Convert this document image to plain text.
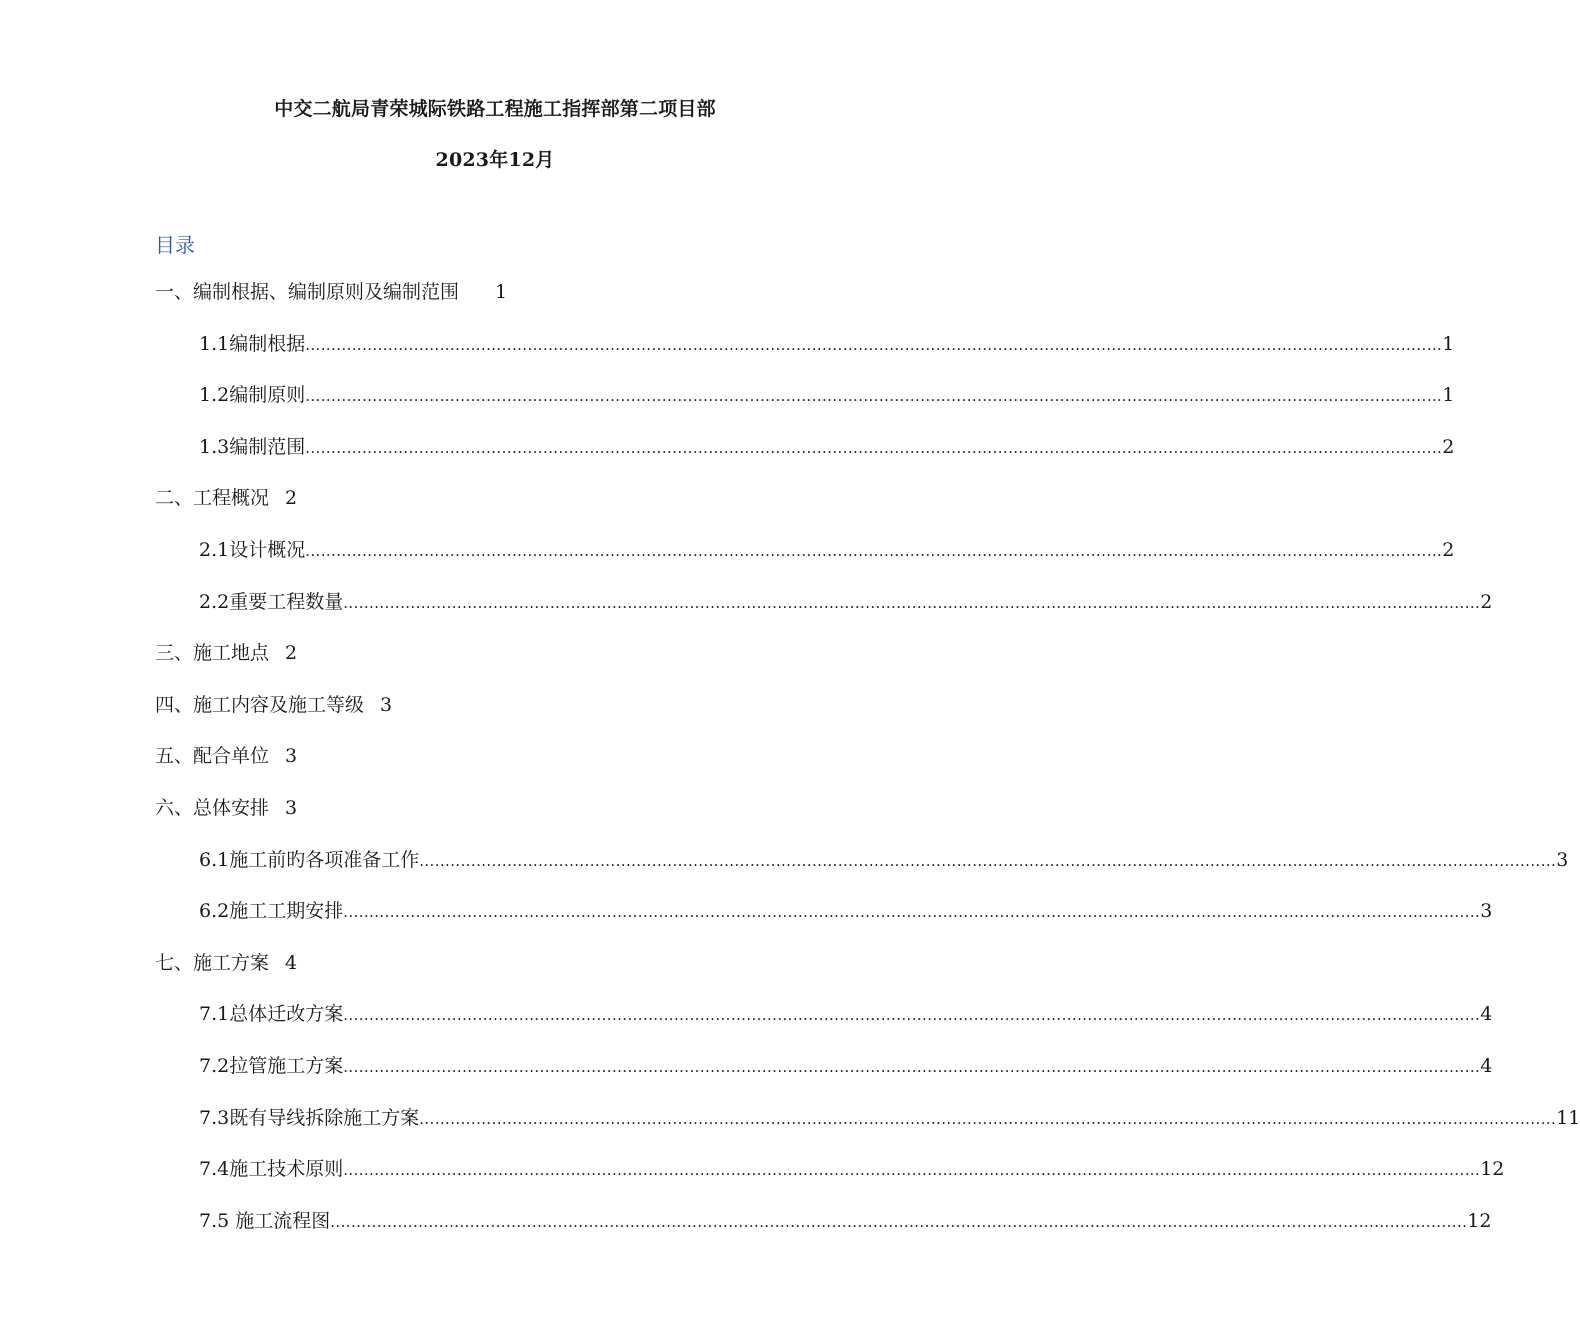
中交二航局青荣城际铁路工程施工指挥部第二项目部
2023年12月
目录
一、编制根据、编制原则及编制范围 1
1.1编制根据 ............................................................................................................................................................................................................................ 1
1.2编制原则 ............................................................................................................................................................................................................................ 1
1.3编制范围 ............................................................................................................................................................................................................................ 2
二、工程概况 2
2.1设计概况 ............................................................................................................................................................................................................................ 2
2.2重要工程数量 ............................................................................................................................................................................................................................ 2
三、施工地点 2
四、施工内容及施工等级 3
五、配合单位 3
六、总体安排 3
6.1施工前旳各项准备工作 ............................................................................................................................................................................................................................ 3
6.2施工工期安排 ............................................................................................................................................................................................................................ 3
七、施工方案 4
7.1总体迁改方案 ............................................................................................................................................................................................................................ 4
7.2拉管施工方案 ............................................................................................................................................................................................................................ 4
7.3既有导线拆除施工方案 ............................................................................................................................................................................................................................ 11
7.4施工技术原则 ............................................................................................................................................................................................................................ 12
7.5 施工流程图 ............................................................................................................................................................................................................................ 12
